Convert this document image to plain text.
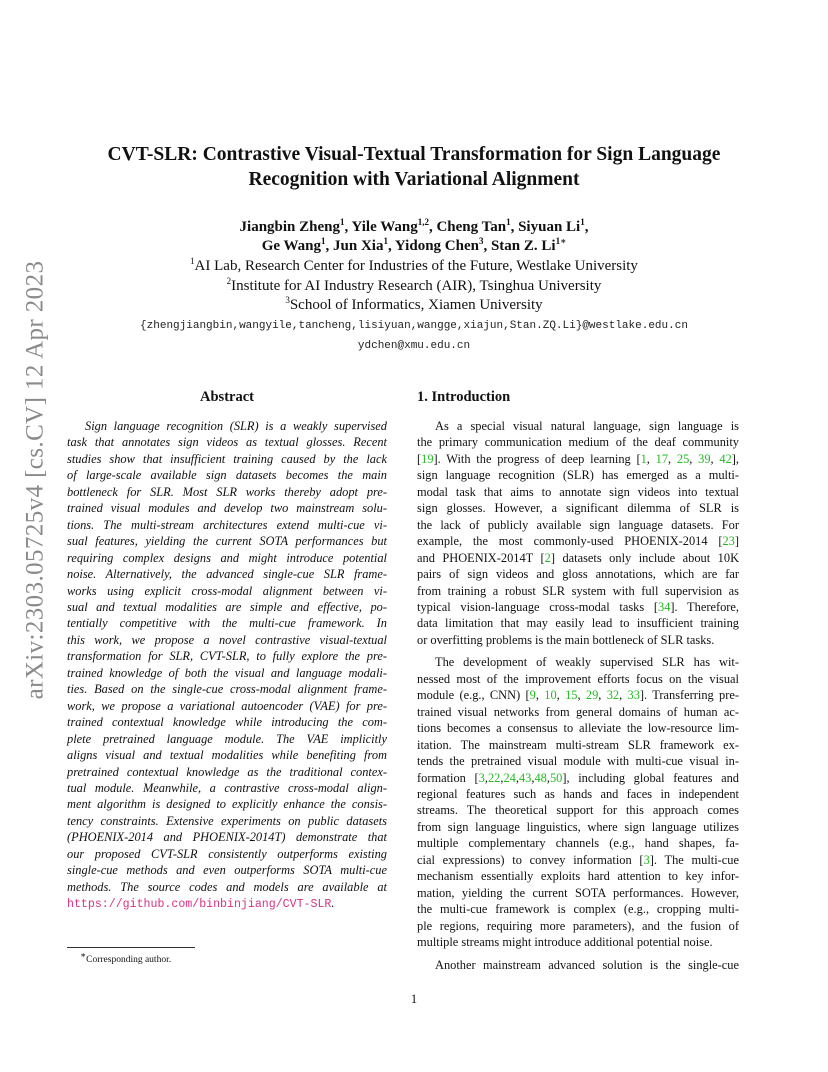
arXiv:2303.05725v4 [cs.CV] 12 Apr 2023
CVT-SLR: Contrastive Visual-Textual Transformation for Sign Language
Recognition with Variational Alignment
Jiangbin Zheng$^1$, Yile Wang$^{1,2}$, Cheng Tan$^1$, Siyuan Li$^1$,
Ge Wang$^1$, Jun Xia$^1$, Yidong Chen$^3$, Stan Z. $Li^{1∗}$
$^1$AI Lab, Research Center for Industries of the Future, Westlake University
$^2$Institute for AI Industry Research (AIR), Tsinghua University
$^3$School of Informatics, Xiamen University
{zhengjiangbin,wangyile,tancheng,lisiyuan,wangge,xiajun,Stan.ZQ.Li}@westlake.edu.cn
ydchen@xmu.edu.cn
Abstract
Sign language recognition (SLR) is a weakly supervised
task that annotates sign videos as textual glosses. Recent
studies show that insufficient training caused by the lack
of large-scale available sign datasets becomes the main
bottleneck for SLR. Most SLR works thereby adopt pre-
trained visual modules and develop two mainstream solu-
tions. The multi-stream architectures extend multi-cue vi-
sual features, yielding the current SOTA performances but
requiring complex designs and might introduce potential
noise. Alternatively, the advanced single-cue SLR frame-
works using explicit cross-modal alignment between vi-
sual and textual modalities are simple and effective, po-
tentially competitive with the multi-cue framework. In
this work, we propose a novel contrastive visual-textual
transformation for SLR, CVT-SLR, to fully explore the pre-
trained knowledge of both the visual and language modali-
ties. Based on the single-cue cross-modal alignment frame-
work, we propose a variational autoencoder (VAE) for pre-
trained contextual knowledge while introducing the com-
plete pretrained language module. The VAE implicitly
aligns visual and textual modalities while benefiting from
pretrained contextual knowledge as the traditional contex-
tual module. Meanwhile, a contrastive cross-modal align-
ment algorithm is designed to explicitly enhance the consis-
tency constraints. Extensive experiments on public datasets
(PHOENIX-2014 and PHOENIX-2014T) demonstrate that
our proposed CVT-SLR consistently outperforms existing
single-cue methods and even outperforms SOTA multi-cue
methods. The source codes and models are available at
https://github.com/binbinjiang/CVT-SLR.
1. Introduction
As a special visual natural language, sign language is
the primary communication medium of the deaf community
[19]. With the progress of deep learning [1, 17, 25, 39, 42],
sign language recognition (SLR) has emerged as a multi-
modal task that aims to annotate sign videos into textual
sign glosses. However, a significant dilemma of SLR is
the lack of publicly available sign language datasets. For
example, the most commonly-used PHOENIX-2014 [23]
and PHOENIX-2014T [2] datasets only include about 10K
pairs of sign videos and gloss annotations, which are far
from training a robust SLR system with full supervision as
typical vision-language cross-modal tasks [34]. Therefore,
data limitation that may easily lead to insufficient training
or overfitting problems is the main bottleneck of SLR tasks.
The development of weakly supervised SLR has wit-
nessed most of the improvement efforts focus on the visual
module (e.g., CNN) [9, 10, 15, 29, 32, 33]. Transferring pre-
trained visual networks from general domains of human ac-
tions becomes a consensus to alleviate the low-resource lim-
itation. The mainstream multi-stream SLR framework ex-
tends the pretrained visual module with multi-cue visual in-
formation [3,22,24,43,48,50], including global features and
regional features such as hands and faces in independent
streams. The theoretical support for this approach comes
from sign language linguistics, where sign language utilizes
multiple complementary channels (e.g., hand shapes, fa-
cial expressions) to convey information [3]. The multi-cue
mechanism essentially exploits hard attention to key infor-
mation, yielding the current SOTA performances. However,
the multi-cue framework is complex (e.g., cropping multi-
ple regions, requiring more parameters), and the fusion of
multiple streams might introduce additional potential noise.
Another mainstream advanced solution is the single-cue
∗Corresponding author.
1
